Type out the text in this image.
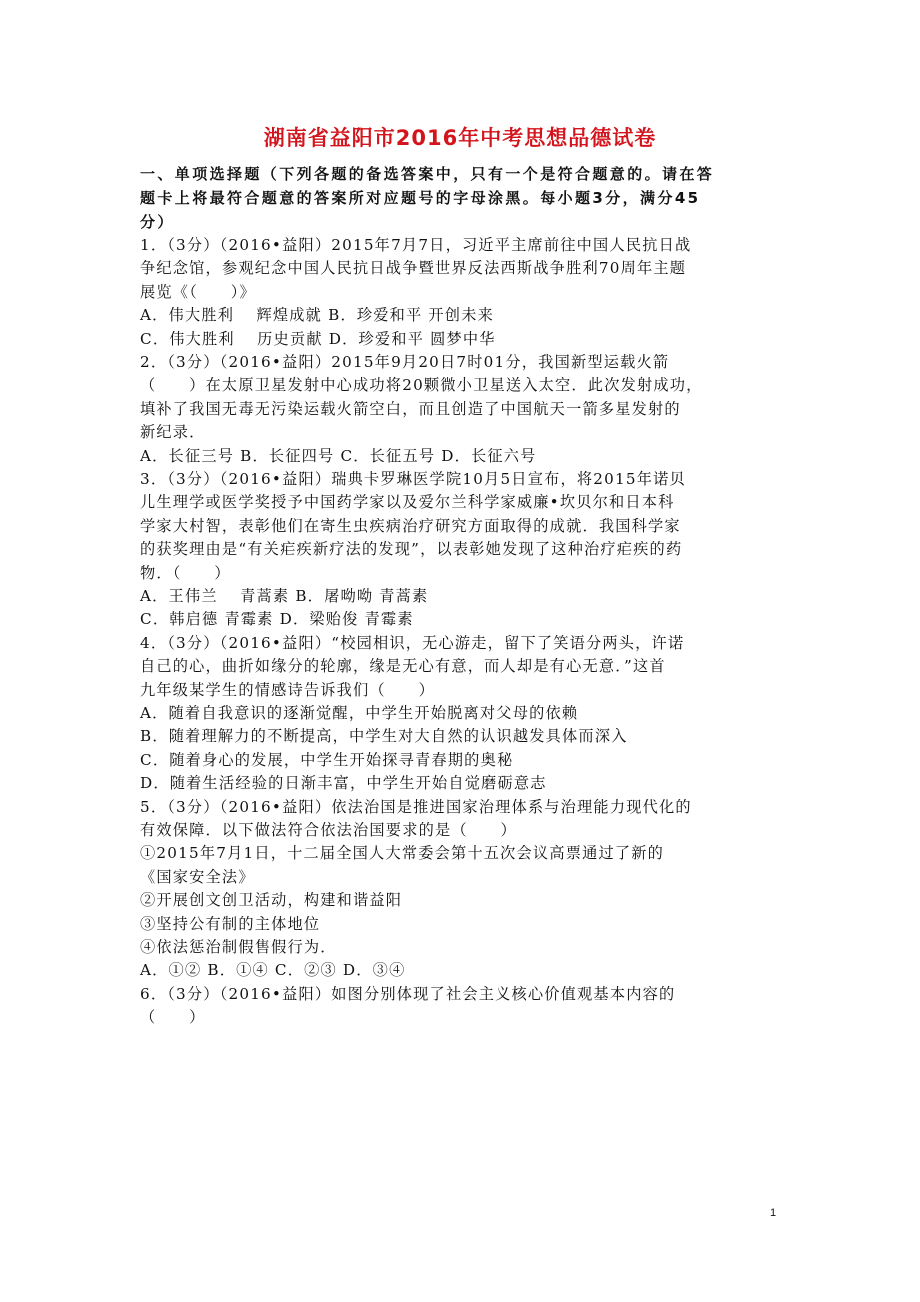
湖南省益阳市2016年中考思想品德试卷
一、单项选择题（下列各题的备选答案中，只有一个是符合题意的。请在答
题卡上将最符合题意的答案所对应题号的字母涂黑。每小题3分，满分45
分）
1．（3分）（2016•益阳）2015年7月7日，习近平主席前往中国人民抗日战
争纪念馆，参观纪念中国人民抗日战争暨世界反法西斯战争胜利70周年主题
展览《（　　）》
A．伟大胜利　 辉煌成就 B．珍爱和平 开创未来
C．伟大胜利　 历史贡献 D．珍爱和平 圆梦中华
2．（3分）（2016•益阳）2015年9月20日7时01分，我国新型运载火箭
（　　）在太原卫星发射中心成功将20颗微小卫星送入太空．此次发射成功，
填补了我国无毒无污染运载火箭空白，而且创造了中国航天一箭多星发射的
新纪录．
A．长征三号 B．长征四号 C．长征五号 D．长征六号
3．（3分）（2016•益阳）瑞典卡罗琳医学院10月5日宣布，将2015年诺贝
儿生理学或医学奖授予中国药学家以及爱尔兰科学家威廉•坎贝尔和日本科
学家大村智，表彰他们在寄生虫疾病治疗研究方面取得的成就．我国科学家
的获奖理由是“有关疟疾新疗法的发现”，以表彰她发现了这种治疗疟疾的药
物．（　　）
A．王伟兰　 青蒿素 B．屠呦呦 青蒿素
C．韩启德 青霉素 D．梁贻俊 青霉素
4．（3分）（2016•益阳）“校园相识，无心游走，留下了笑语分两头，许诺
自己的心，曲折如缘分的轮廓，缘是无心有意，而人却是有心无意．”这首
九年级某学生的情感诗告诉我们（　　）
A．随着自我意识的逐渐觉醒，中学生开始脱离对父母的依赖
B．随着理解力的不断提高，中学生对大自然的认识越发具体而深入
C．随着身心的发展，中学生开始探寻青春期的奥秘
D．随着生活经验的日渐丰富，中学生开始自觉磨砺意志
5．（3分）（2016•益阳）依法治国是推进国家治理体系与治理能力现代化的
有效保障．以下做法符合依法治国要求的是（　　）
①2015年7月1日，十二届全国人大常委会第十五次会议高票通过了新的
《国家安全法》
②开展创文创卫活动，构建和谐益阳
③坚持公有制的主体地位
④依法惩治制假售假行为．
A．①② B．①④ C．②③ D．③④
6．（3分）（2016•益阳）如图分别体现了社会主义核心价值观基本内容的
（　　）
1
